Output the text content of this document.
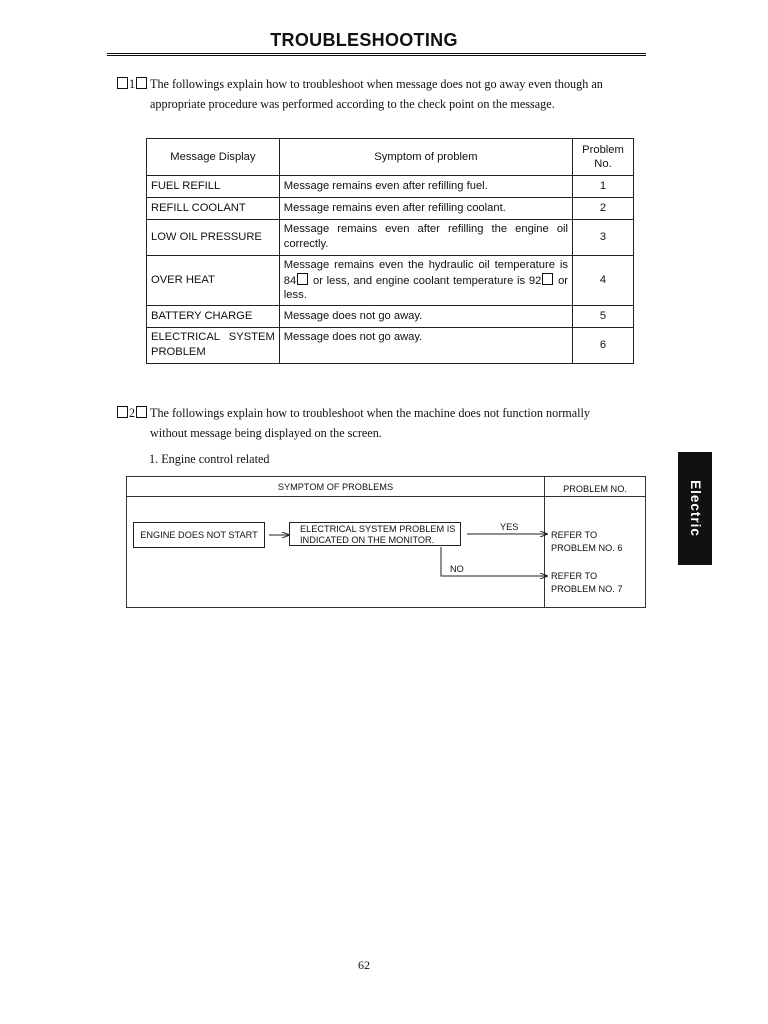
TROUBLESHOOTING
1	The followings explain how to troubleshoot when message does not go away even though an appropriate procedure was performed according to the check point on the message.
Message Display	Symptom of problem	Problem No.
FUEL REFILL	Message remains even after refilling fuel.	1
REFILL COOLANT	Message remains even after refilling coolant.	2
LOW OIL PRESSURE	Message remains even after refilling the engine oil correctly.	3
OVER HEAT	Message remains even the hydraulic oil temperature is 84 or less, and engine coolant temperature is 92 or less.	4
BATTERY CHARGE	Message does not go away.	5
ELECTRICAL SYSTEM PROBLEM	Message does not go away.	6
2	The followings explain how to troubleshoot when the machine does not function normally without message being displayed on the screen.
1. Engine control related
SYMPTOM OF PROBLEMS	PROBLEM NO.
ENGINE DOES NOT START
ELECTRICAL SYSTEM PROBLEM IS INDICATED ON THE MONITOR.
YES
NO
REFER TO
PROBLEM NO. 6
REFER TO
PROBLEM NO. 7
Electric
62
